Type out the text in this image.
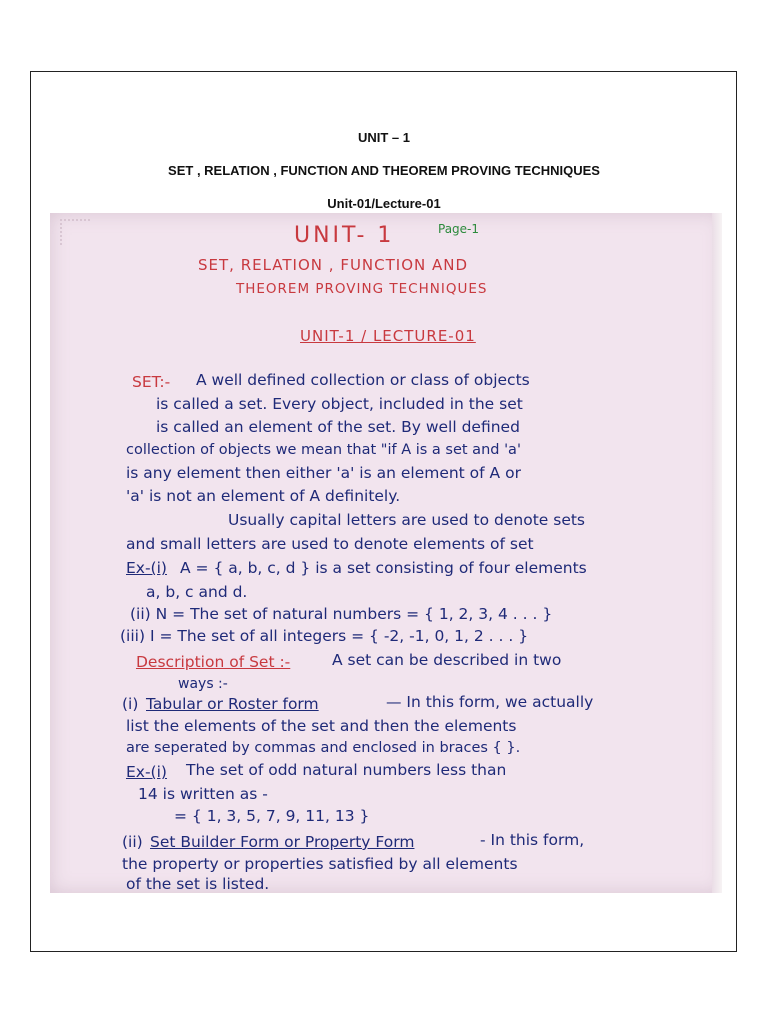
UNIT – 1
SET , RELATION , FUNCTION AND THEOREM PROVING TECHNIQUES
Unit-01/Lecture-01
UNIT- 1	Page-1
SET, RELATION , FUNCTION AND
THEOREM PROVING TECHNIQUES
UNIT-1 / LECTURE-01
SET:- A well defined collection or class of objects
is called a set. Every object, included in the set
is called an element of the set. By well defined
collection of objects we mean that "if A is a set and 'a'
is any element then either 'a' is an element of A or
'a' is not an element of A definitely.
Usually capital letters are used to denote sets
and small letters are used to denote elements of set
Ex-(i) A = { a, b, c, d } is a set consisting of four elements
a, b, c and d.
(ii) N = The set of natural numbers = { 1, 2, 3, 4 . . . }
(iii) I = The set of all integers = { -2, -1, 0, 1, 2 . . . }
Description of Set :-	A set can be described in two
ways :-
(i) Tabular or Roster form	— In this form, we actually
list the elements of the set and then the elements
are seperated by commas and enclosed in braces { }.
Ex-(i) The set of odd natural numbers less than
14 is written as -
= { 1, 3, 5, 7, 9, 11, 13 }
(ii) Set Builder Form or Property Form	- In this form,
the property or properties satisfied by all elements
of the set is listed.
